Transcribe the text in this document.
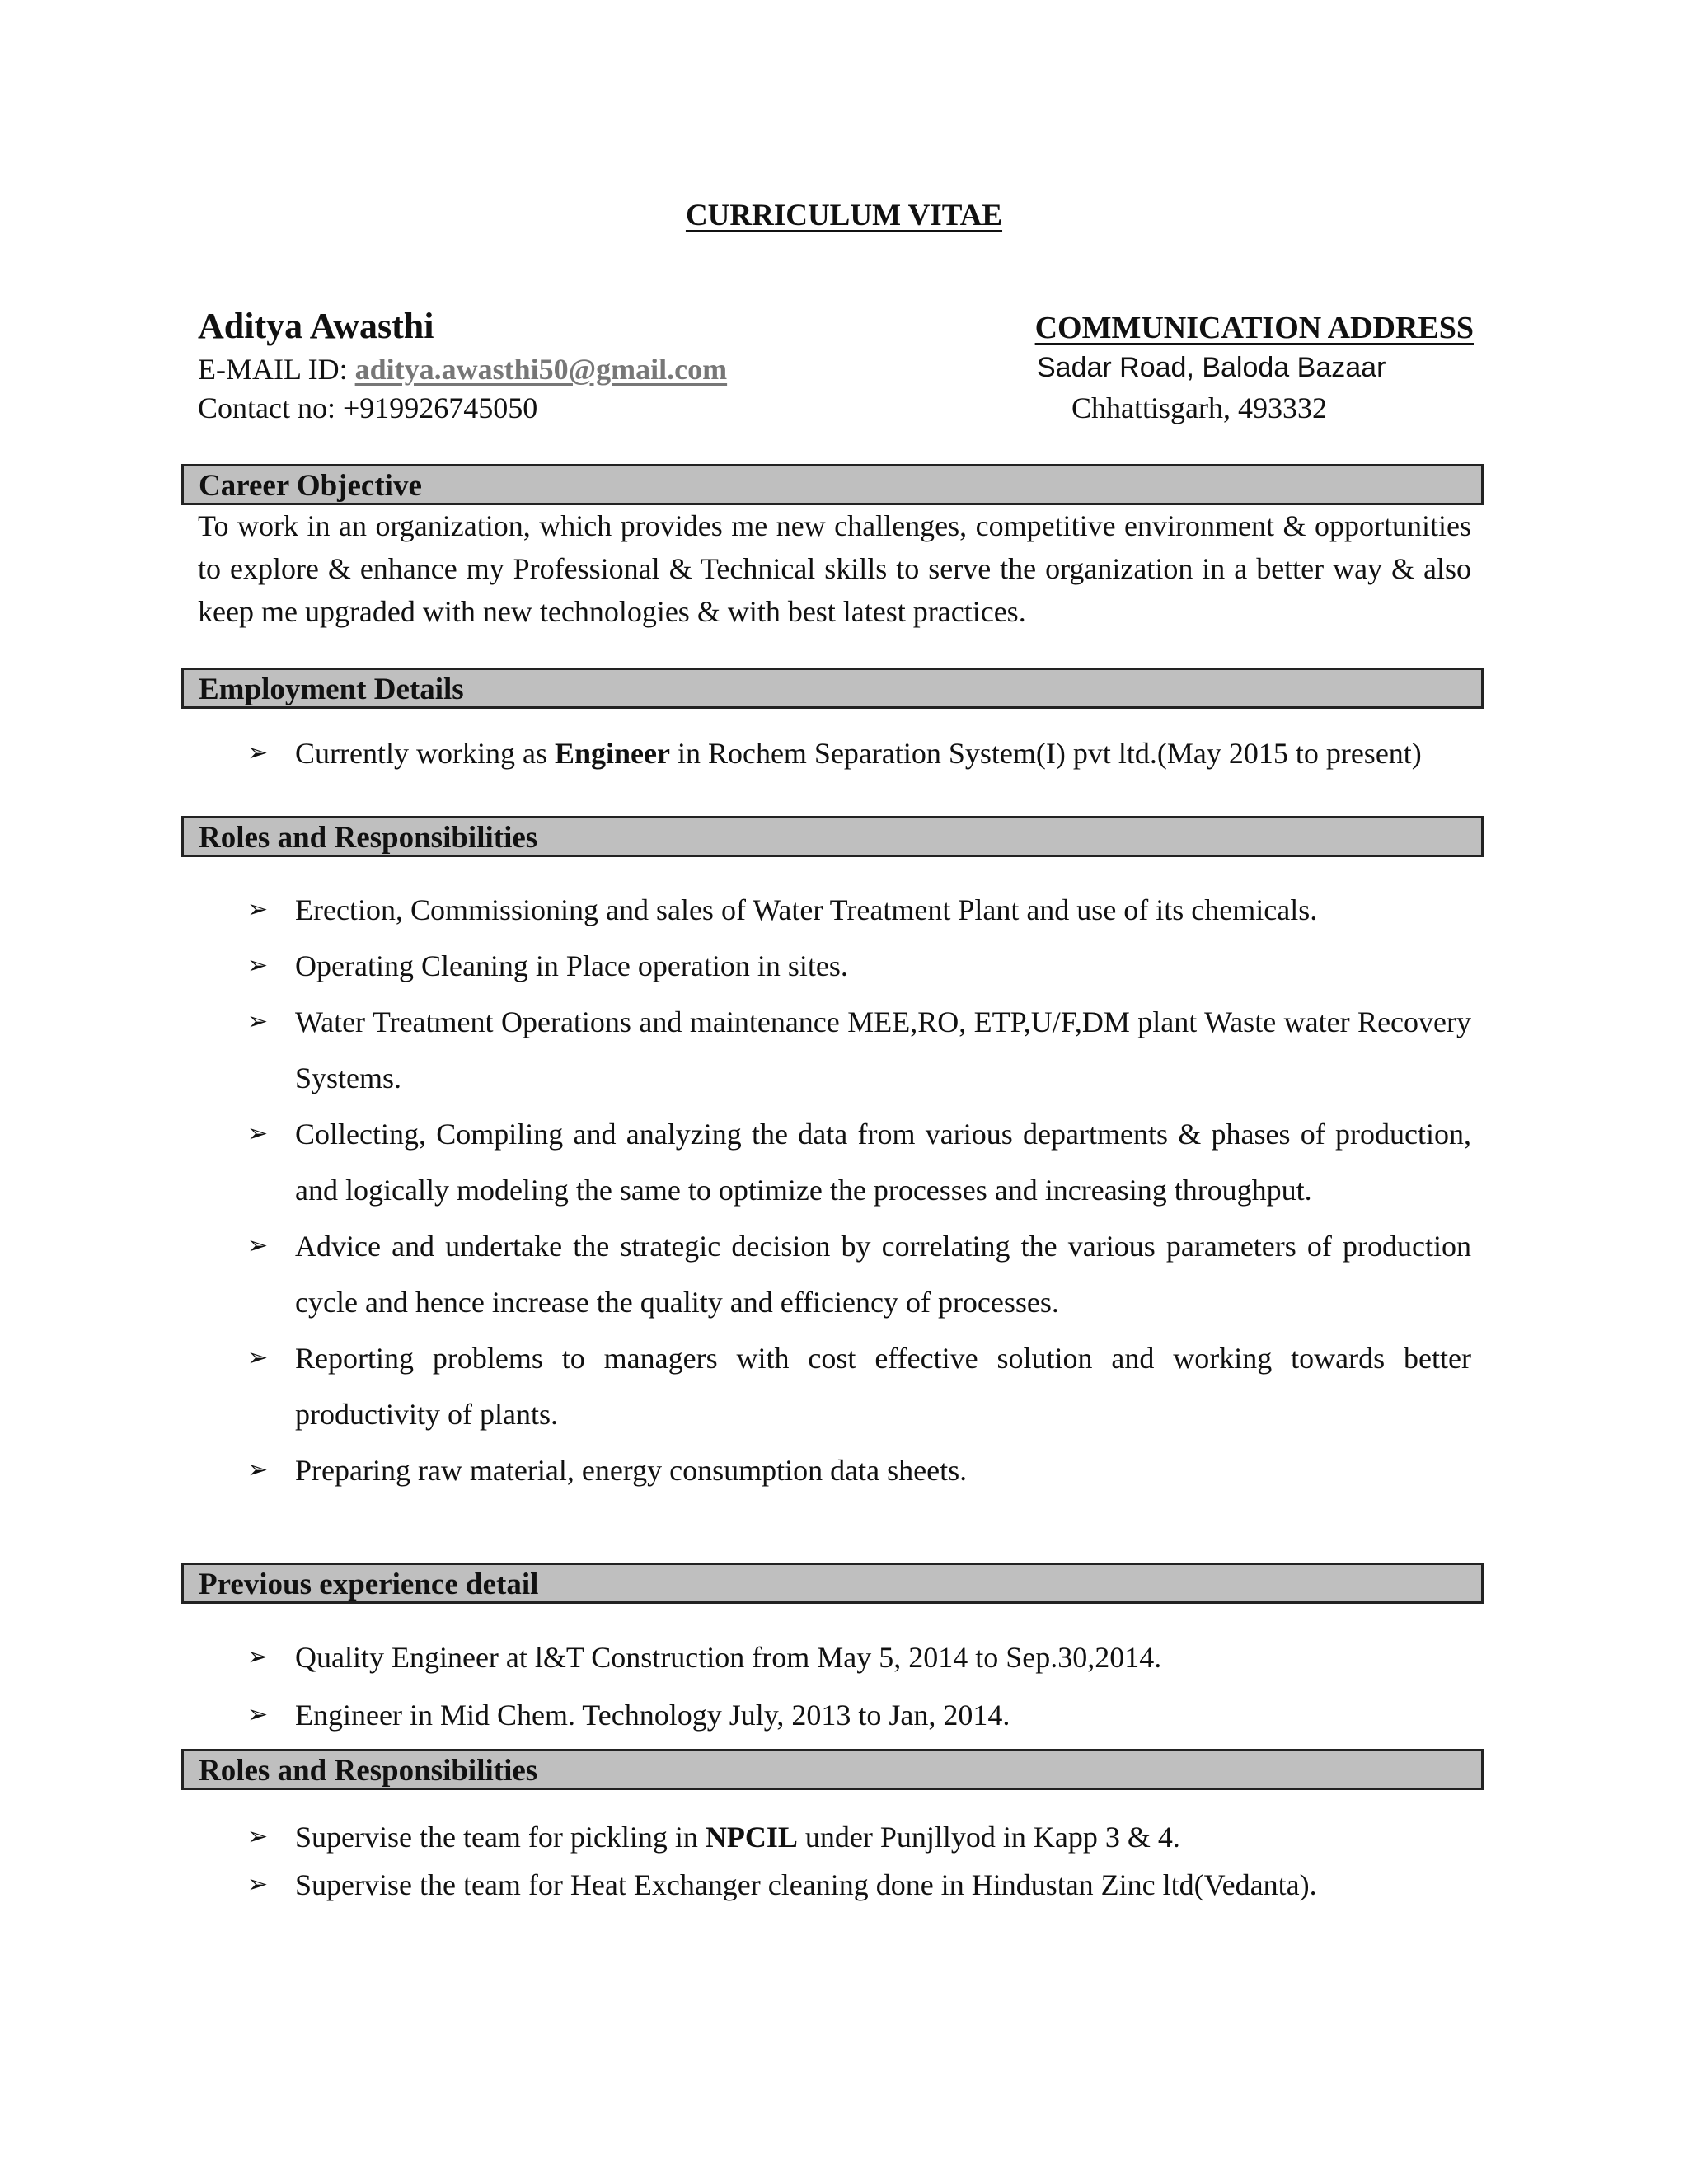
CURRICULUM VITAE
Aditya Awasthi
E-MAIL ID: aditya.awasthi50@gmail.com
Contact no: +919926745050
COMMUNICATION ADDRESS
Sadar Road, Baloda Bazaar
Chhattisgarh, 493332
Career Objective
To work in an organization, which provides me new challenges, competitive environment & opportunities to explore & enhance my Professional & Technical skills to serve the organization in a better way & also keep me upgraded with new technologies & with best latest practices.
Employment Details
➢ Currently working as Engineer in Rochem Separation System(I) pvt ltd.(May 2015 to present)
Roles and Responsibilities
➢ Erection, Commissioning and sales of Water Treatment Plant and use of its chemicals.
➢ Operating Cleaning in Place operation in sites.
➢ Water Treatment Operations and maintenance MEE,RO, ETP,U/F,DM plant Waste water Recovery Systems.
➢ Collecting, Compiling and analyzing the data from various departments & phases of production, and logically modeling the same to optimize the processes and increasing throughput.
➢ Advice and undertake the strategic decision by correlating the various parameters of production cycle and hence increase the quality and efficiency of processes.
➢ Reporting problems to managers with cost effective solution and working towards better productivity of plants.
➢ Preparing raw material, energy consumption data sheets.
Previous experience detail
➢ Quality Engineer at l&T Construction from May 5, 2014 to Sep.30,2014.
➢ Engineer in Mid Chem. Technology July, 2013 to Jan, 2014.
Roles and Responsibilities
➢ Supervise the team for pickling in NPCIL under Punjllyod in Kapp 3 & 4.
➢ Supervise the team for Heat Exchanger cleaning done in Hindustan Zinc ltd(Vedanta).
